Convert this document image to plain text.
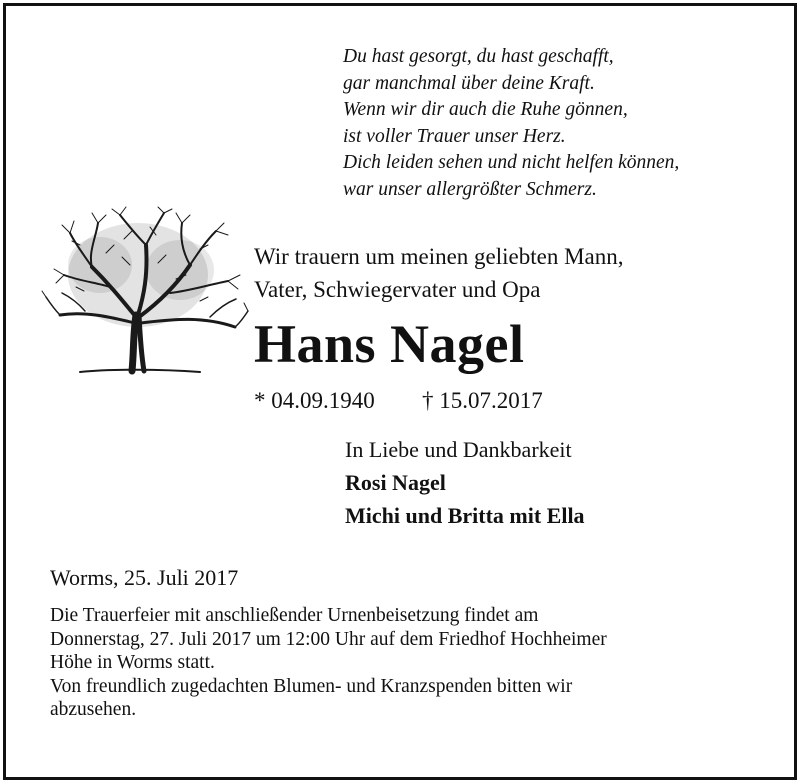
Du hast gesorgt, du hast geschafft,
gar manchmal über deine Kraft.
Wenn wir dir auch die Ruhe gönnen,
ist voller Trauer unser Herz.
Dich leiden sehen und nicht helfen können,
war unser allergrößter Schmerz.
Wir trauern um meinen geliebten Mann,
Vater, Schwiegervater und Opa
Hans Nagel
* 04.09.1940 † 15.07.2017
In Liebe und Dankbarkeit
Rosi Nagel
Michi und Britta mit Ella
Worms, 25. Juli 2017
Die Trauerfeier mit anschließender Urnenbeisetzung findet am
Donnerstag, 27. Juli 2017 um 12:00 Uhr auf dem Friedhof Hochheimer
Höhe in Worms statt.
Von freundlich zugedachten Blumen- und Kranzspenden bitten wir
abzusehen.
